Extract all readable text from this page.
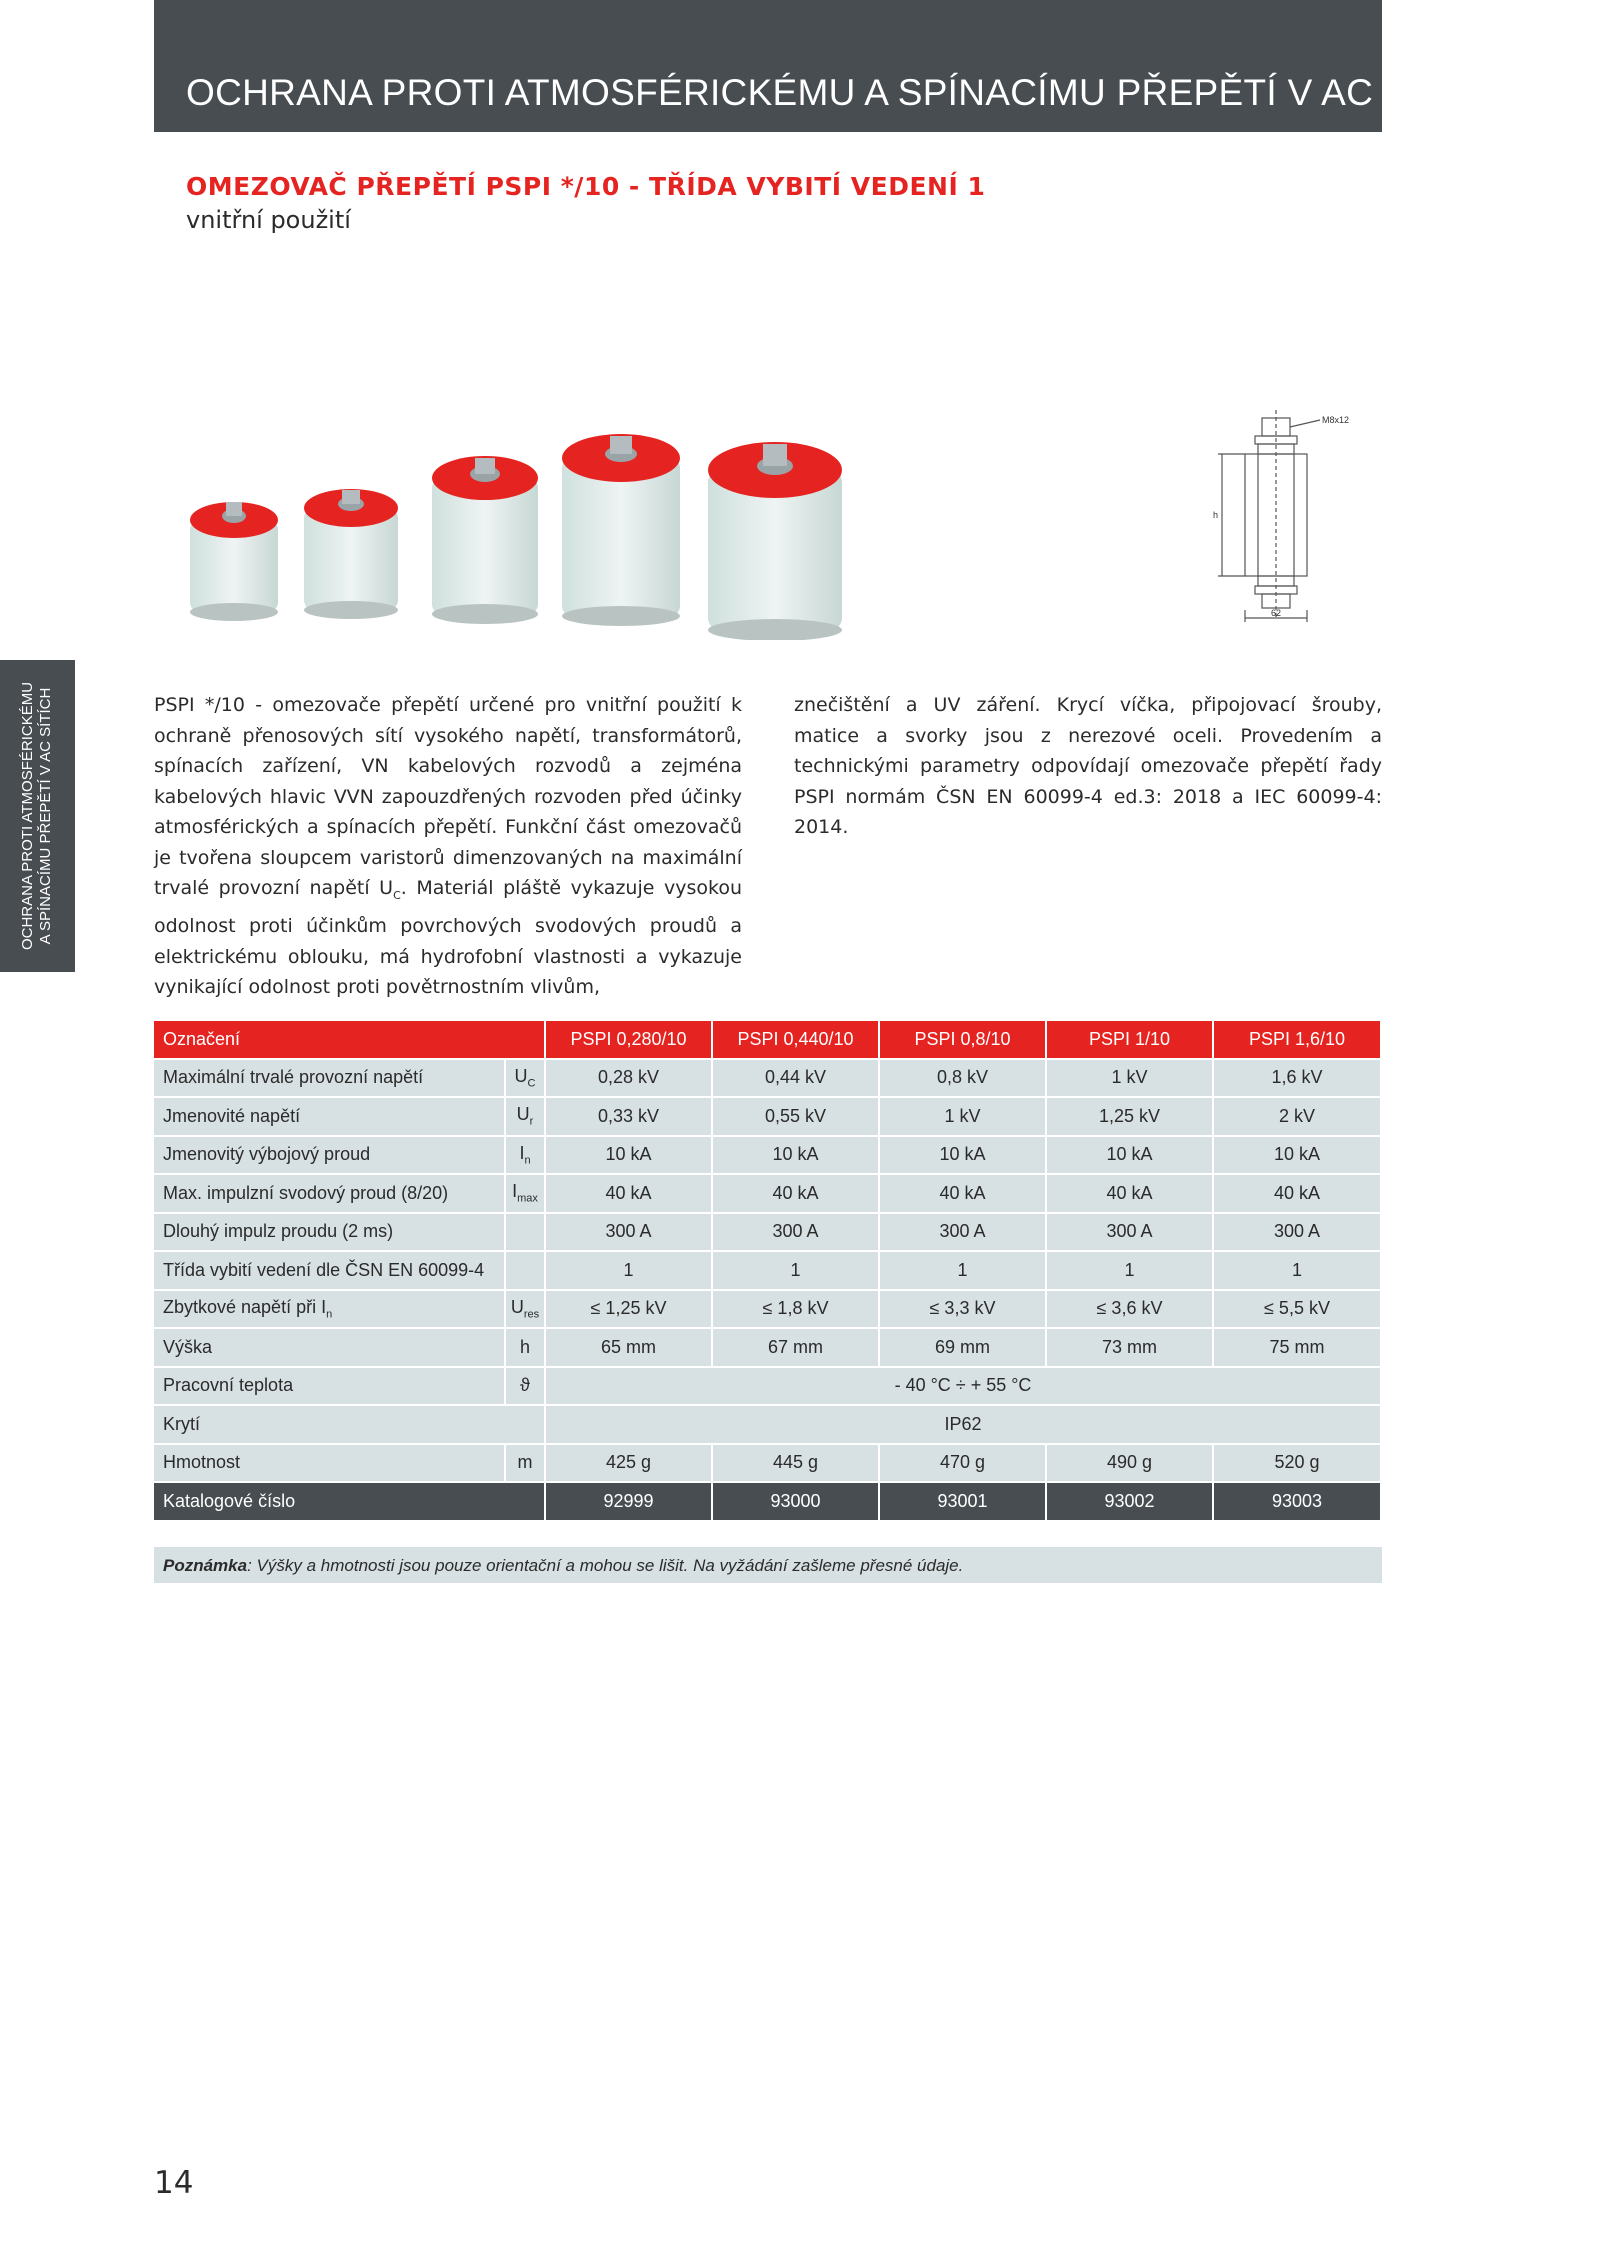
OCHRANA PROTI ATMOSFÉRICKÉMU A SPÍNACÍMU PŘEPĚTÍ V AC SÍTÍCH
OMEZOVAČ PŘEPĚTÍ PSPI */10 - TŘÍDA VYBITÍ VEDENÍ 1
vnitřní použití
M8x12
h
62
OCHRANA PROTI ATMOSFÉRICKÉMU A SPÍNACÍMU PŘEPĚTÍ V AC SÍTÍCH	PSPI */10 - omezovače přepětí určené pro vnitřní použití k ochraně přenosových sítí vysokého napětí, transformátorů, spínacích zařízení, VN kabelových rozvodů a zejména kabelových hlavic VVN zapouzdřených rozvoden před účinky atmosférických a spínacích přepětí. Funkční část omezovačů je tvořena sloupcem varistorů dimenzovaných na maximální trvalé provozní napětí $U_C$. Materiál pláště vykazuje vysokou odolnost proti účinkům povrchových svodových proudů a elektrickému oblouku, má hydrofobní vlastnosti a vykazuje vynikající odolnost proti povětrnostním vlivům,
znečištění a UV záření. Krycí víčka, připojovací šrouby, matice a svorky jsou z nerezové oceli. Provedením a technickými parametry odpovídají omezovače přepětí řady PSPI normám ČSN EN 60099-4 ed.3: 2018 a IEC 60099-4: 2014.
Označení		PSPI 0,280/10	PSPI 0,440/10	PSPI 0,8/10	PSPI 1/10	PSPI 1,6/10
Maximální trvalé provozní napětí	$U_C$	0,28 kV	0,44 kV	0,8 kV	1 kV	1,6 kV
Jmenovité napětí	$U_r$	0,33 kV	0,55 kV	1 kV	1,25 kV	2 kV
Jmenovitý výbojový proud	$I_n$	10 kA	10 kA	10 kA	10 kA	10 kA
Max. impulzní svodový proud (8/20)	$I_{max}$	40 kA	40 kA	40 kA	40 kA	40 kA
Dlouhý impulz proudu (2 ms)		300 A	300 A	300 A	300 A	300 A
Třída vybití vedení dle ČSN EN 60099-4		1	1	1	1	1
Zbytkové napětí při $I_n$	$U_{res}$	≤ 1,25 kV	≤ 1,8 kV	≤ 3,3 kV	≤ 3,6 kV	≤ 5,5 kV
Výška	h	65 mm	67 mm	69 mm	73 mm	75 mm
Pracovní teplota	ϑ	- 40 °C ÷ + 55 °C				
Krytí		IP62				
Hmotnost	m	425 g	445 g	470 g	490 g	520 g
Katalogové číslo		92999	93000	93001	93002	93003
Poznámka: Výšky a hmotnosti jsou pouze orientační a mohou se lišit. Na vyžádání zašleme přesné údaje.
14
